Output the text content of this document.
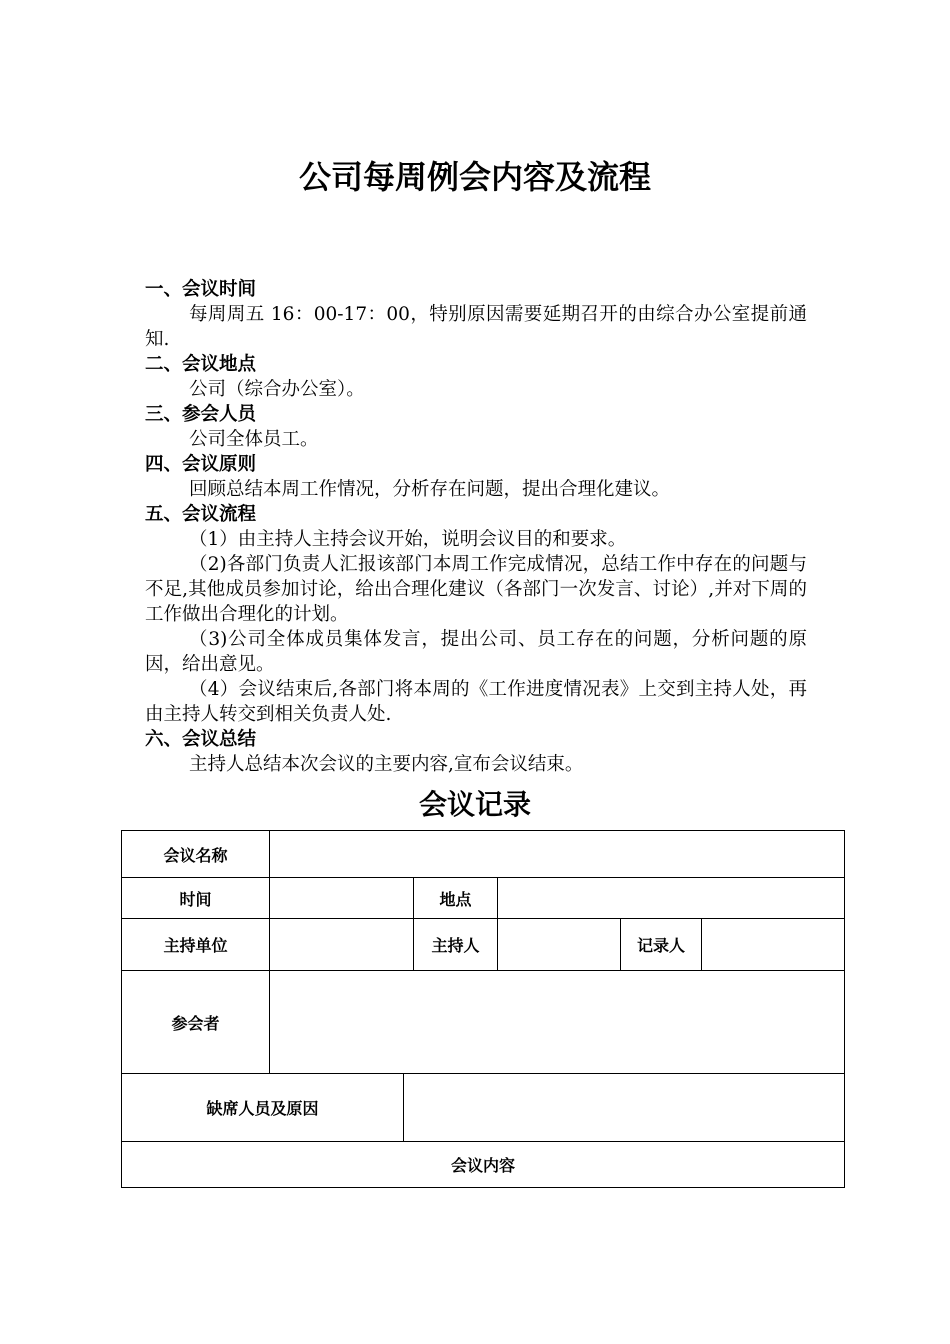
公司每周例会内容及流程

一、会议时间

每周周五 16：00-17：00，特别原因需要延期召开的由综合办公室提前通知.

二、会议地点

公司（综合办公室）。

三、参会人员

公司全体员工。

四、会议原则

回顾总结本周工作情况，分析存在问题，提出合理化建议。

五、会议流程

（1）由主持人主持会议开始，说明会议目的和要求。

（2)各部门负责人汇报该部门本周工作完成情况，总结工作中存在的问题与不足,其他成员参加讨论，给出合理化建议（各部门一次发言、讨论）,并对下周的工作做出合理化的计划。

（3)公司全体成员集体发言，提出公司、员工存在的问题，分析问题的原因，给出意见。

（4）会议结束后,各部门将本周的《工作进度情况表》上交到主持人处，再由主持人转交到相关负责人处.

六、会议总结

主持人总结本次会议的主要内容,宣布会议结束。

会议记录
会议名称
时间	地点
主持单位	主持人	记录人
参会者
缺席人员及原因
会议内容
